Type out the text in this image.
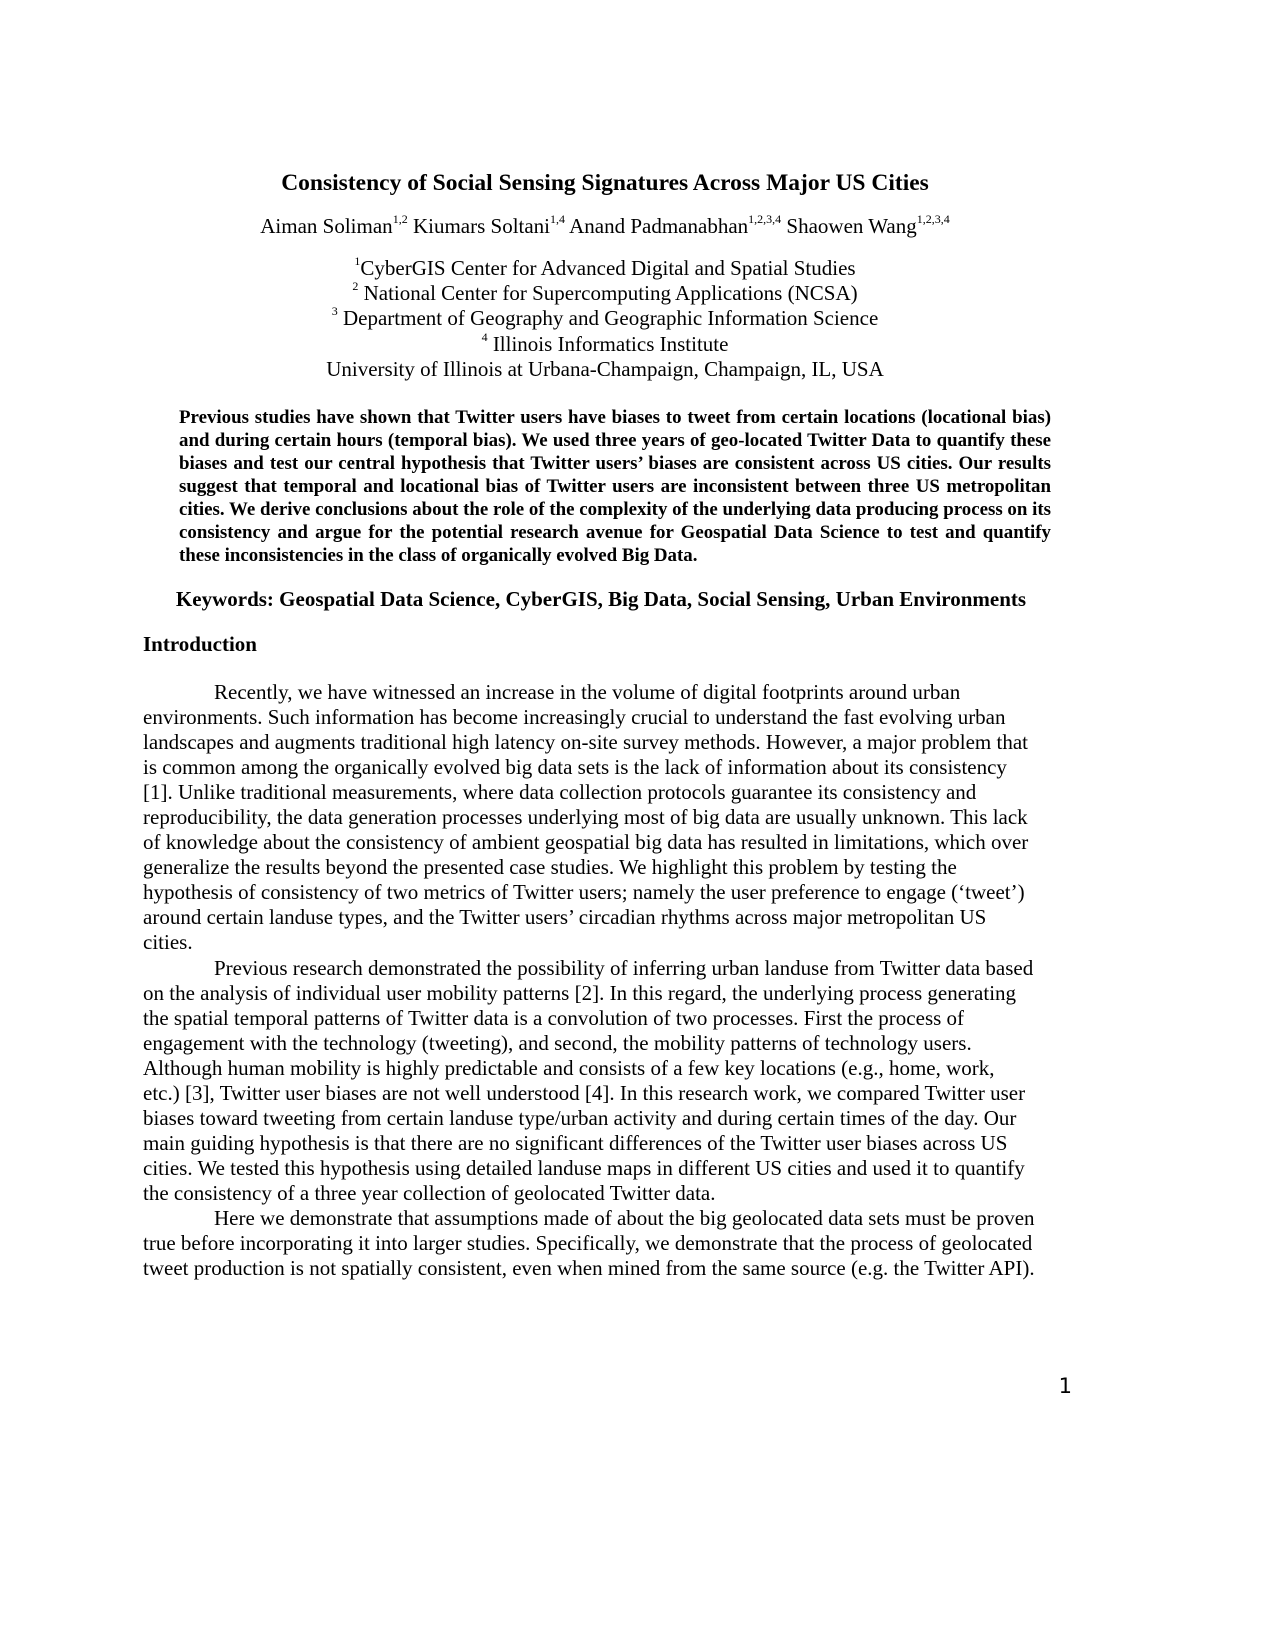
Consistency of Social Sensing Signatures Across Major US Cities
Aiman Soliman$^{1,2}$ Kiumars Soltani$^{1,4}$ Anand Padmanabhan$^{1,2,3,4}$ Shaowen Wang$^{1,2,3,4}$
$^1$CyberGIS Center for Advanced Digital and Spatial Studies
$^2$ National Center for Supercomputing Applications (NCSA)
$^3$ Department of Geography and Geographic Information Science
$^4$ Illinois Informatics Institute
University of Illinois at Urbana-Champaign, Champaign, IL, USA
Previous studies have shown that Twitter users have biases to tweet from certain locations (locational bias) and during certain hours (temporal bias). We used three years of geo-located Twitter Data to quantify these biases and test our central hypothesis that Twitter users’ biases are consistent across US cities. Our results suggest that temporal and locational bias of Twitter users are inconsistent between three US metropolitan cities. We derive conclusions about the role of the complexity of the underlying data producing process on its consistency and argue for the potential research avenue for Geospatial Data Science to test and quantify these inconsistencies in the class of organically evolved Big Data.
Keywords: Geospatial Data Science, CyberGIS, Big Data, Social Sensing, Urban Environments
Introduction

Recently, we have witnessed an increase in the volume of digital footprints around urban
environments. Such information has become increasingly crucial to understand the fast evolving urban
landscapes and augments traditional high latency on-site survey methods. However, a major problem that
is common among the organically evolved big data sets is the lack of information about its consistency
[1]. Unlike traditional measurements, where data collection protocols guarantee its consistency and
reproducibility, the data generation processes underlying most of big data are usually unknown. This lack
of knowledge about the consistency of ambient geospatial big data has resulted in limitations, which over
generalize the results beyond the presented case studies. We highlight this problem by testing the
hypothesis of consistency of two metrics of Twitter users; namely the user preference to engage (‘tweet’)
around certain landuse types, and the Twitter users’ circadian rhythms across major metropolitan US
cities.

Previous research demonstrated the possibility of inferring urban landuse from Twitter data based
on the analysis of individual user mobility patterns [2]. In this regard, the underlying process generating
the spatial temporal patterns of Twitter data is a convolution of two processes. First the process of
engagement with the technology (tweeting), and second, the mobility patterns of technology users.
Although human mobility is highly predictable and consists of a few key locations (e.g., home, work,
etc.) [3], Twitter user biases are not well understood [4]. In this research work, we compared Twitter user
biases toward tweeting from certain landuse type/urban activity and during certain times of the day. Our
main guiding hypothesis is that there are no significant differences of the Twitter user biases across US
cities. We tested this hypothesis using detailed landuse maps in different US cities and used it to quantify
the consistency of a three year collection of geolocated Twitter data.

Here we demonstrate that assumptions made of about the big geolocated data sets must be proven
true before incorporating it into larger studies. Specifically, we demonstrate that the process of geolocated
tweet production is not spatially consistent, even when mined from the same source (e.g. the Twitter API).

1
